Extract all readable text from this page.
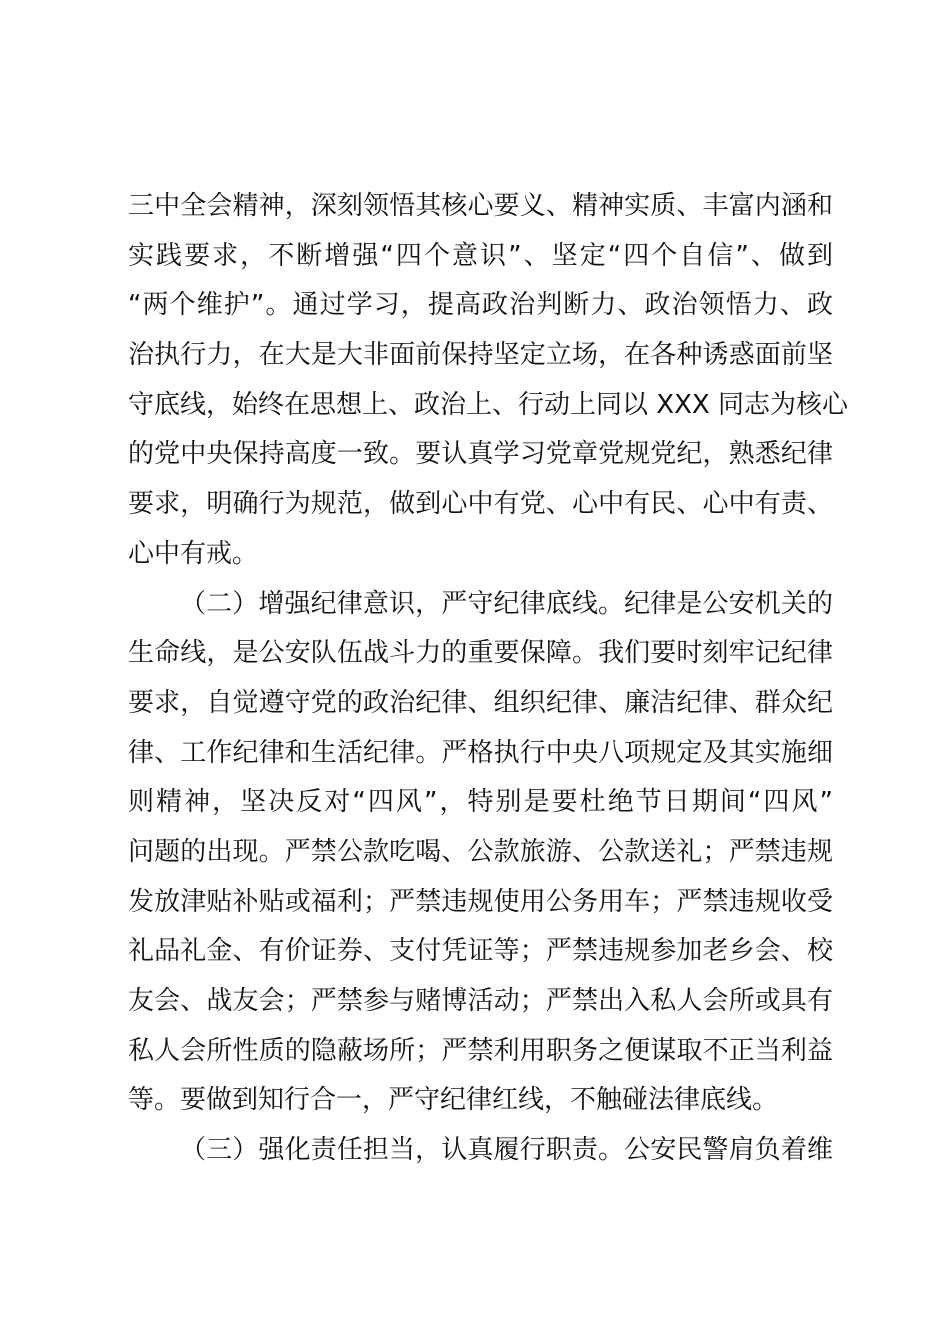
三中全会精神，深刻领悟其核心要义、精神实质、丰富内涵和
实践要求，不断增强“四个意识”、坚定“四个自信”、做到
“两个维护”。通过学习，提高政治判断力、政治领悟力、政
治执行力，在大是大非面前保持坚定立场，在各种诱惑面前坚
守底线，始终在思想上、政治上、行动上同以 XXX 同志为核心
的党中央保持高度一致。要认真学习党章党规党纪，熟悉纪律
要求，明确行为规范，做到心中有党、心中有民、心中有责、
心中有戒。
（二）增强纪律意识，严守纪律底线。纪律是公安机关的
生命线，是公安队伍战斗力的重要保障。我们要时刻牢记纪律
要求，自觉遵守党的政治纪律、组织纪律、廉洁纪律、群众纪
律、工作纪律和生活纪律。严格执行中央八项规定及其实施细
则精神，坚决反对“四风”，特别是要杜绝节日期间“四风”
问题的出现。严禁公款吃喝、公款旅游、公款送礼；严禁违规
发放津贴补贴或福利；严禁违规使用公务用车；严禁违规收受
礼品礼金、有价证券、支付凭证等；严禁违规参加老乡会、校
友会、战友会；严禁参与赌博活动；严禁出入私人会所或具有
私人会所性质的隐蔽场所；严禁利用职务之便谋取不正当利益
等。要做到知行合一，严守纪律红线，不触碰法律底线。
（三）强化责任担当，认真履行职责。公安民警肩负着维
